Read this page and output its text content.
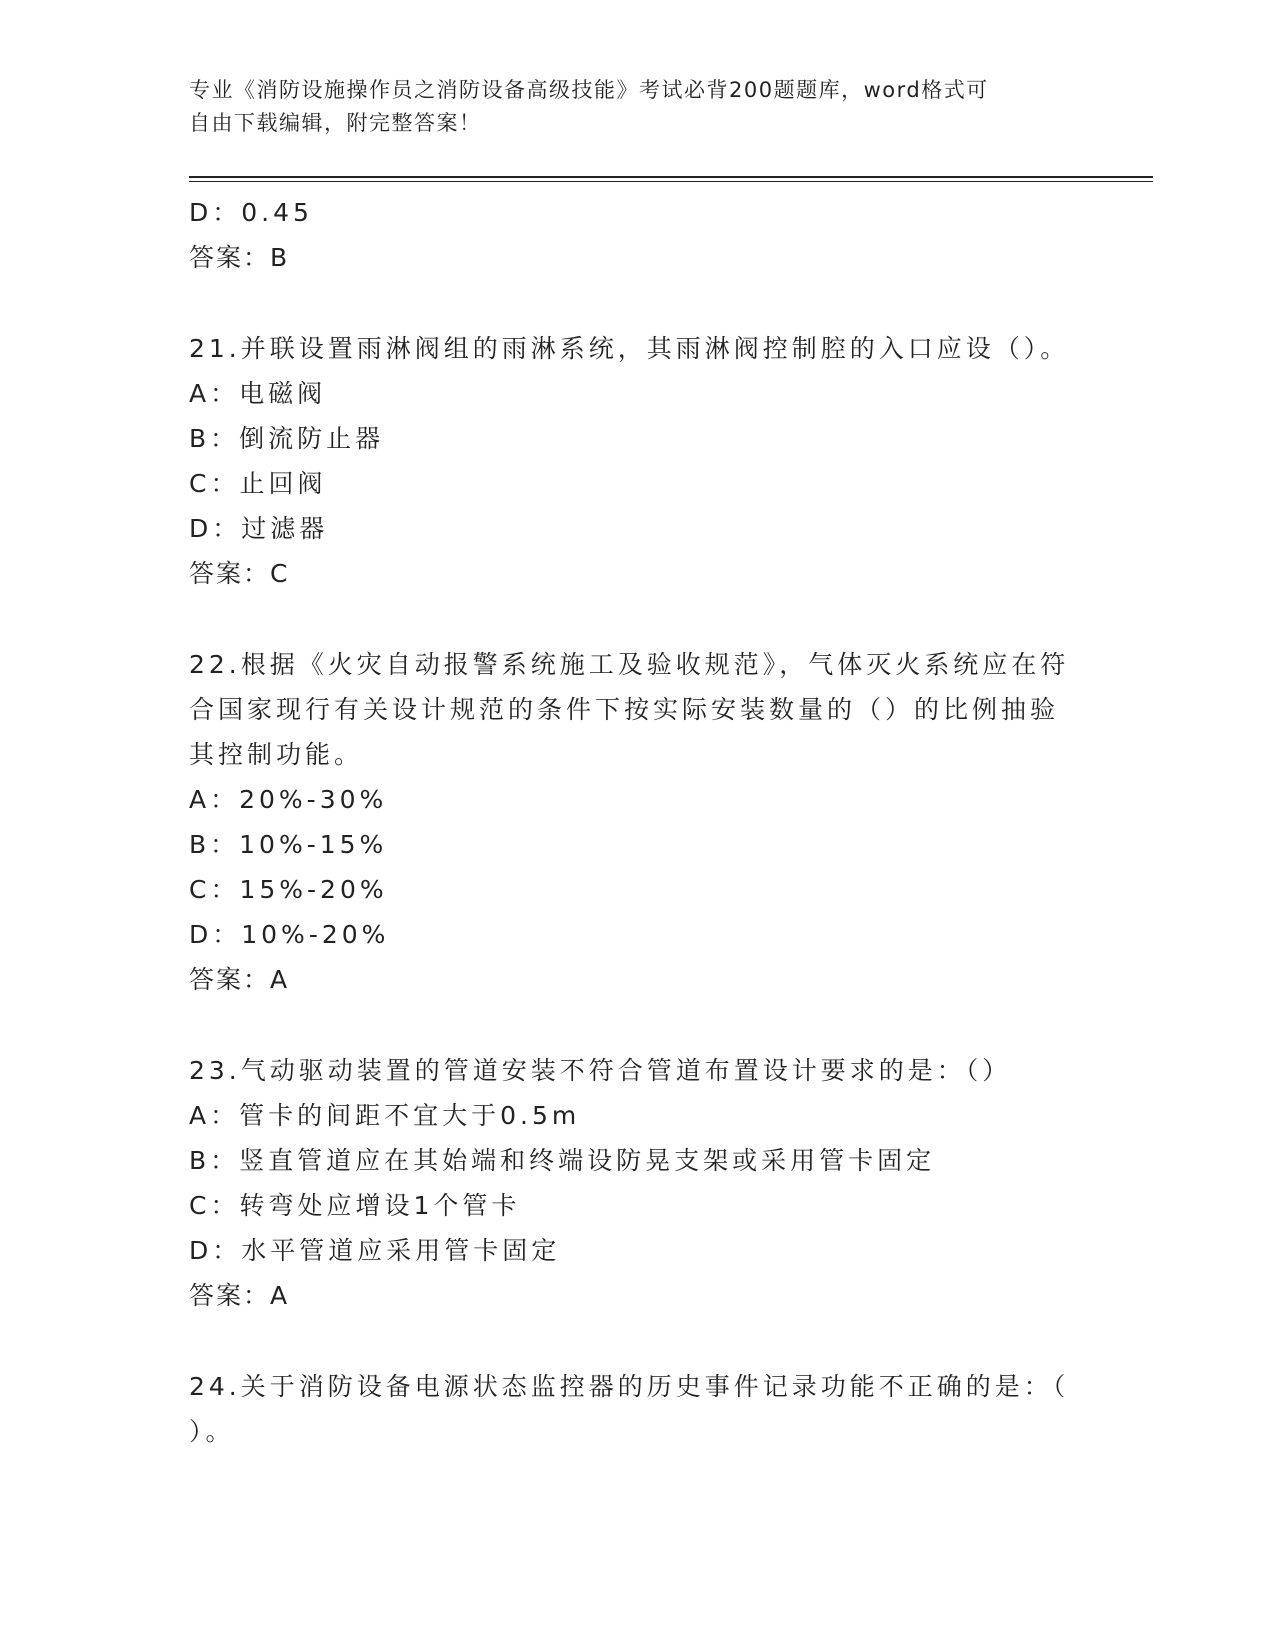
专业《消防设施操作员之消防设备高级技能》考试必背200题题库，word格式可
自由下载编辑，附完整答案！
D：0.45
答案：B
21.并联设置雨淋阀组的雨淋系统，其雨淋阀控制腔的入口应设（）。
A：电磁阀
B：倒流防止器
C：止回阀
D：过滤器
答案：C
22.根据《火灾自动报警系统施工及验收规范》，气体灭火系统应在符
合国家现行有关设计规范的条件下按实际安装数量的（）的比例抽验
其控制功能。
A：20%-30%
B：10%-15%
C：15%-20%
D：10%-20%
答案：A
23.气动驱动装置的管道安装不符合管道布置设计要求的是：（）
A：管卡的间距不宜大于0.5m
B：竖直管道应在其始端和终端设防晃支架或采用管卡固定
C：转弯处应增设1个管卡
D：水平管道应采用管卡固定
答案：A
24.关于消防设备电源状态监控器的历史事件记录功能不正确的是：（
）。
